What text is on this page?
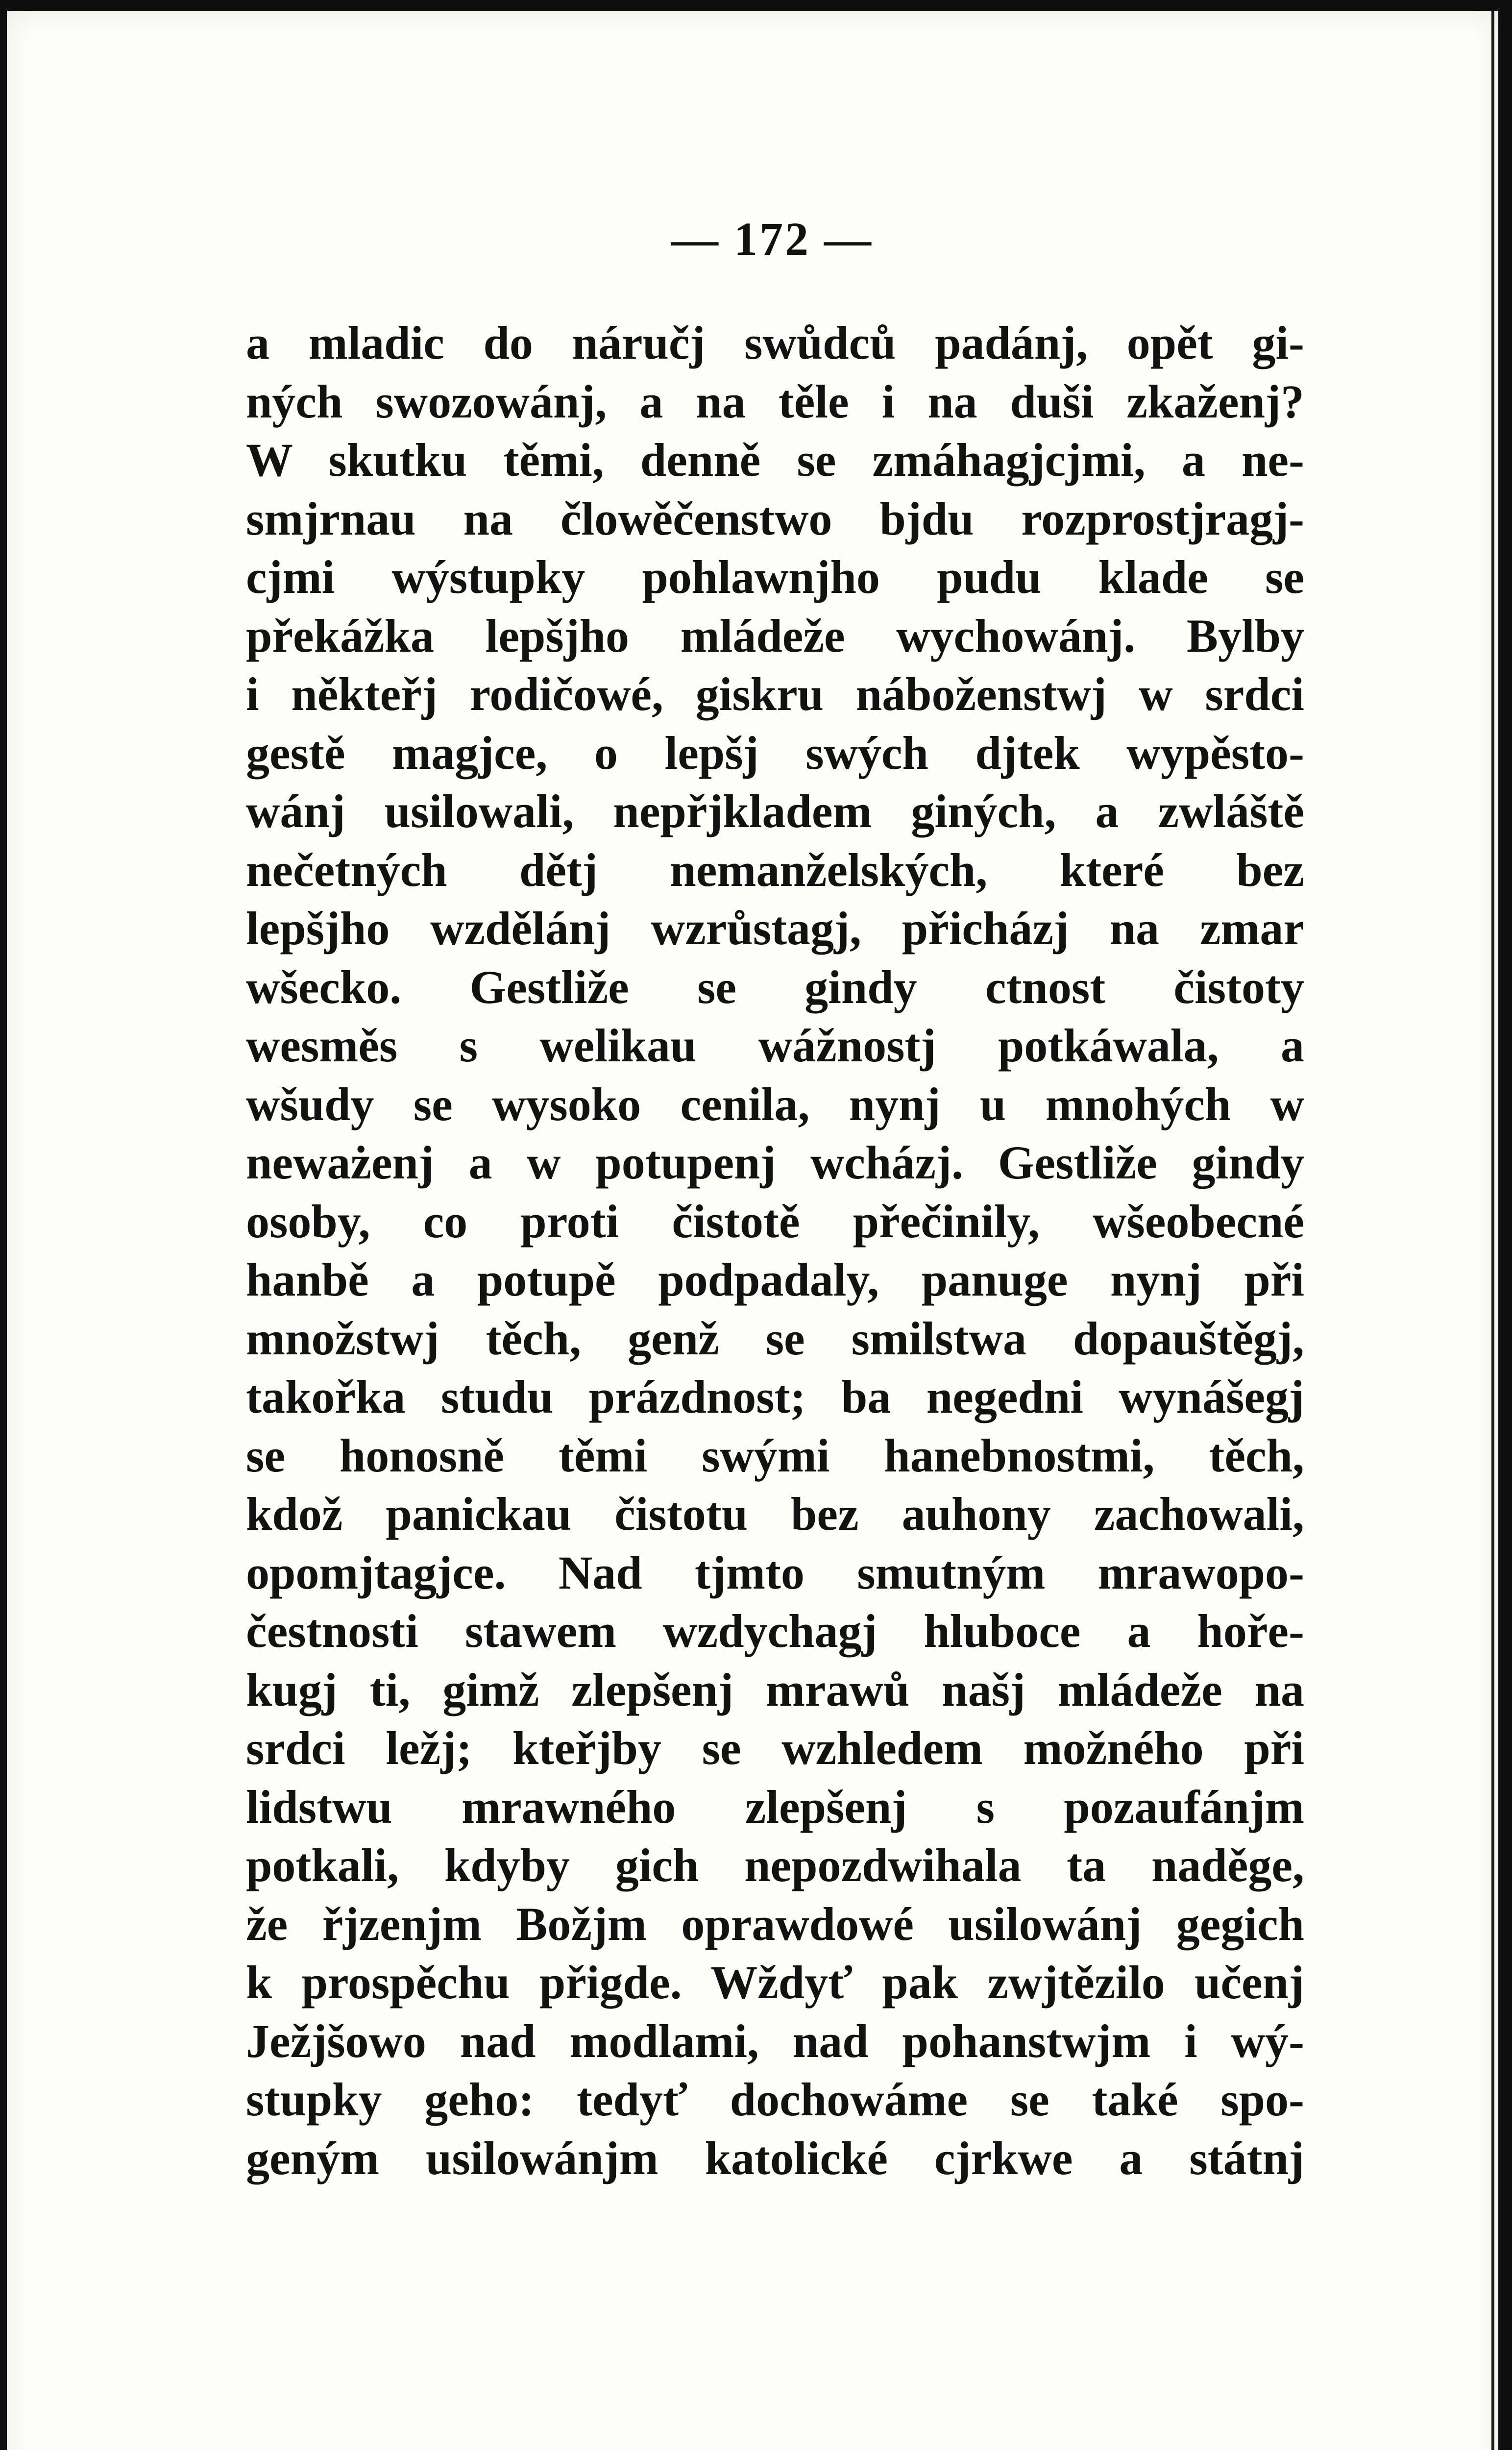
— 172 —
a mladic do náručj swůdců padánj, opět gi-
ných swozowánj, a na těle i na duši zkaženj?
W skutku těmi, denně se zmáhagjcjmi, a ne-
smjrnau na člowěčenstwo bjdu rozprostjragj-
cjmi wýstupky pohlawnjho pudu klade se
překážka lepšjho mládeže wychowánj. Bylby
i někteřj rodičowé, giskru náboženstwj w srdci
gestě magjce, o lepšj swých djtek wypěsto-
wánj usilowali, nepřjkladem giných, a zwláště
nečetných dětj nemanželských, které bez
lepšjho wzdělánj wzrůstagj, přicházj na zmar
wšecko. Gestliže se gindy ctnost čistoty
wesměs s welikau wážnostj potkáwala, a
wšudy se wysoko cenila, nynj u mnohých w
neważenj a w potupenj wcházj. Gestliže gindy
osoby, co proti čistotě přečinily, wšeobecné
hanbě a potupě podpadaly, panuge nynj při
množstwj těch, genž se smilstwa dopauštěgj,
takořka studu prázdnost; ba negedni wynášegj
se honosně těmi swými hanebnostmi, těch,
kdož panickau čistotu bez auhony zachowali,
opomjtagjce. Nad tjmto smutným mrawopo-
čestnosti stawem wzdychagj hluboce a hoře-
kugj ti, gimž zlepšenj mrawů našj mládeže na
srdci ležj; kteřjby se wzhledem možného při
lidstwu mrawného zlepšenj s pozaufánjm
potkali, kdyby gich nepozdwihala ta naděge,
že řjzenjm Božjm oprawdowé usilowánj gegich
k prospěchu přigde. Wždyť pak zwjtězilo učenj
Ježjšowo nad modlami, nad pohanstwjm i wý-
stupky geho: tedyť dochowáme se také spo-
geným usilowánjm katolické cjrkwe a státnj
